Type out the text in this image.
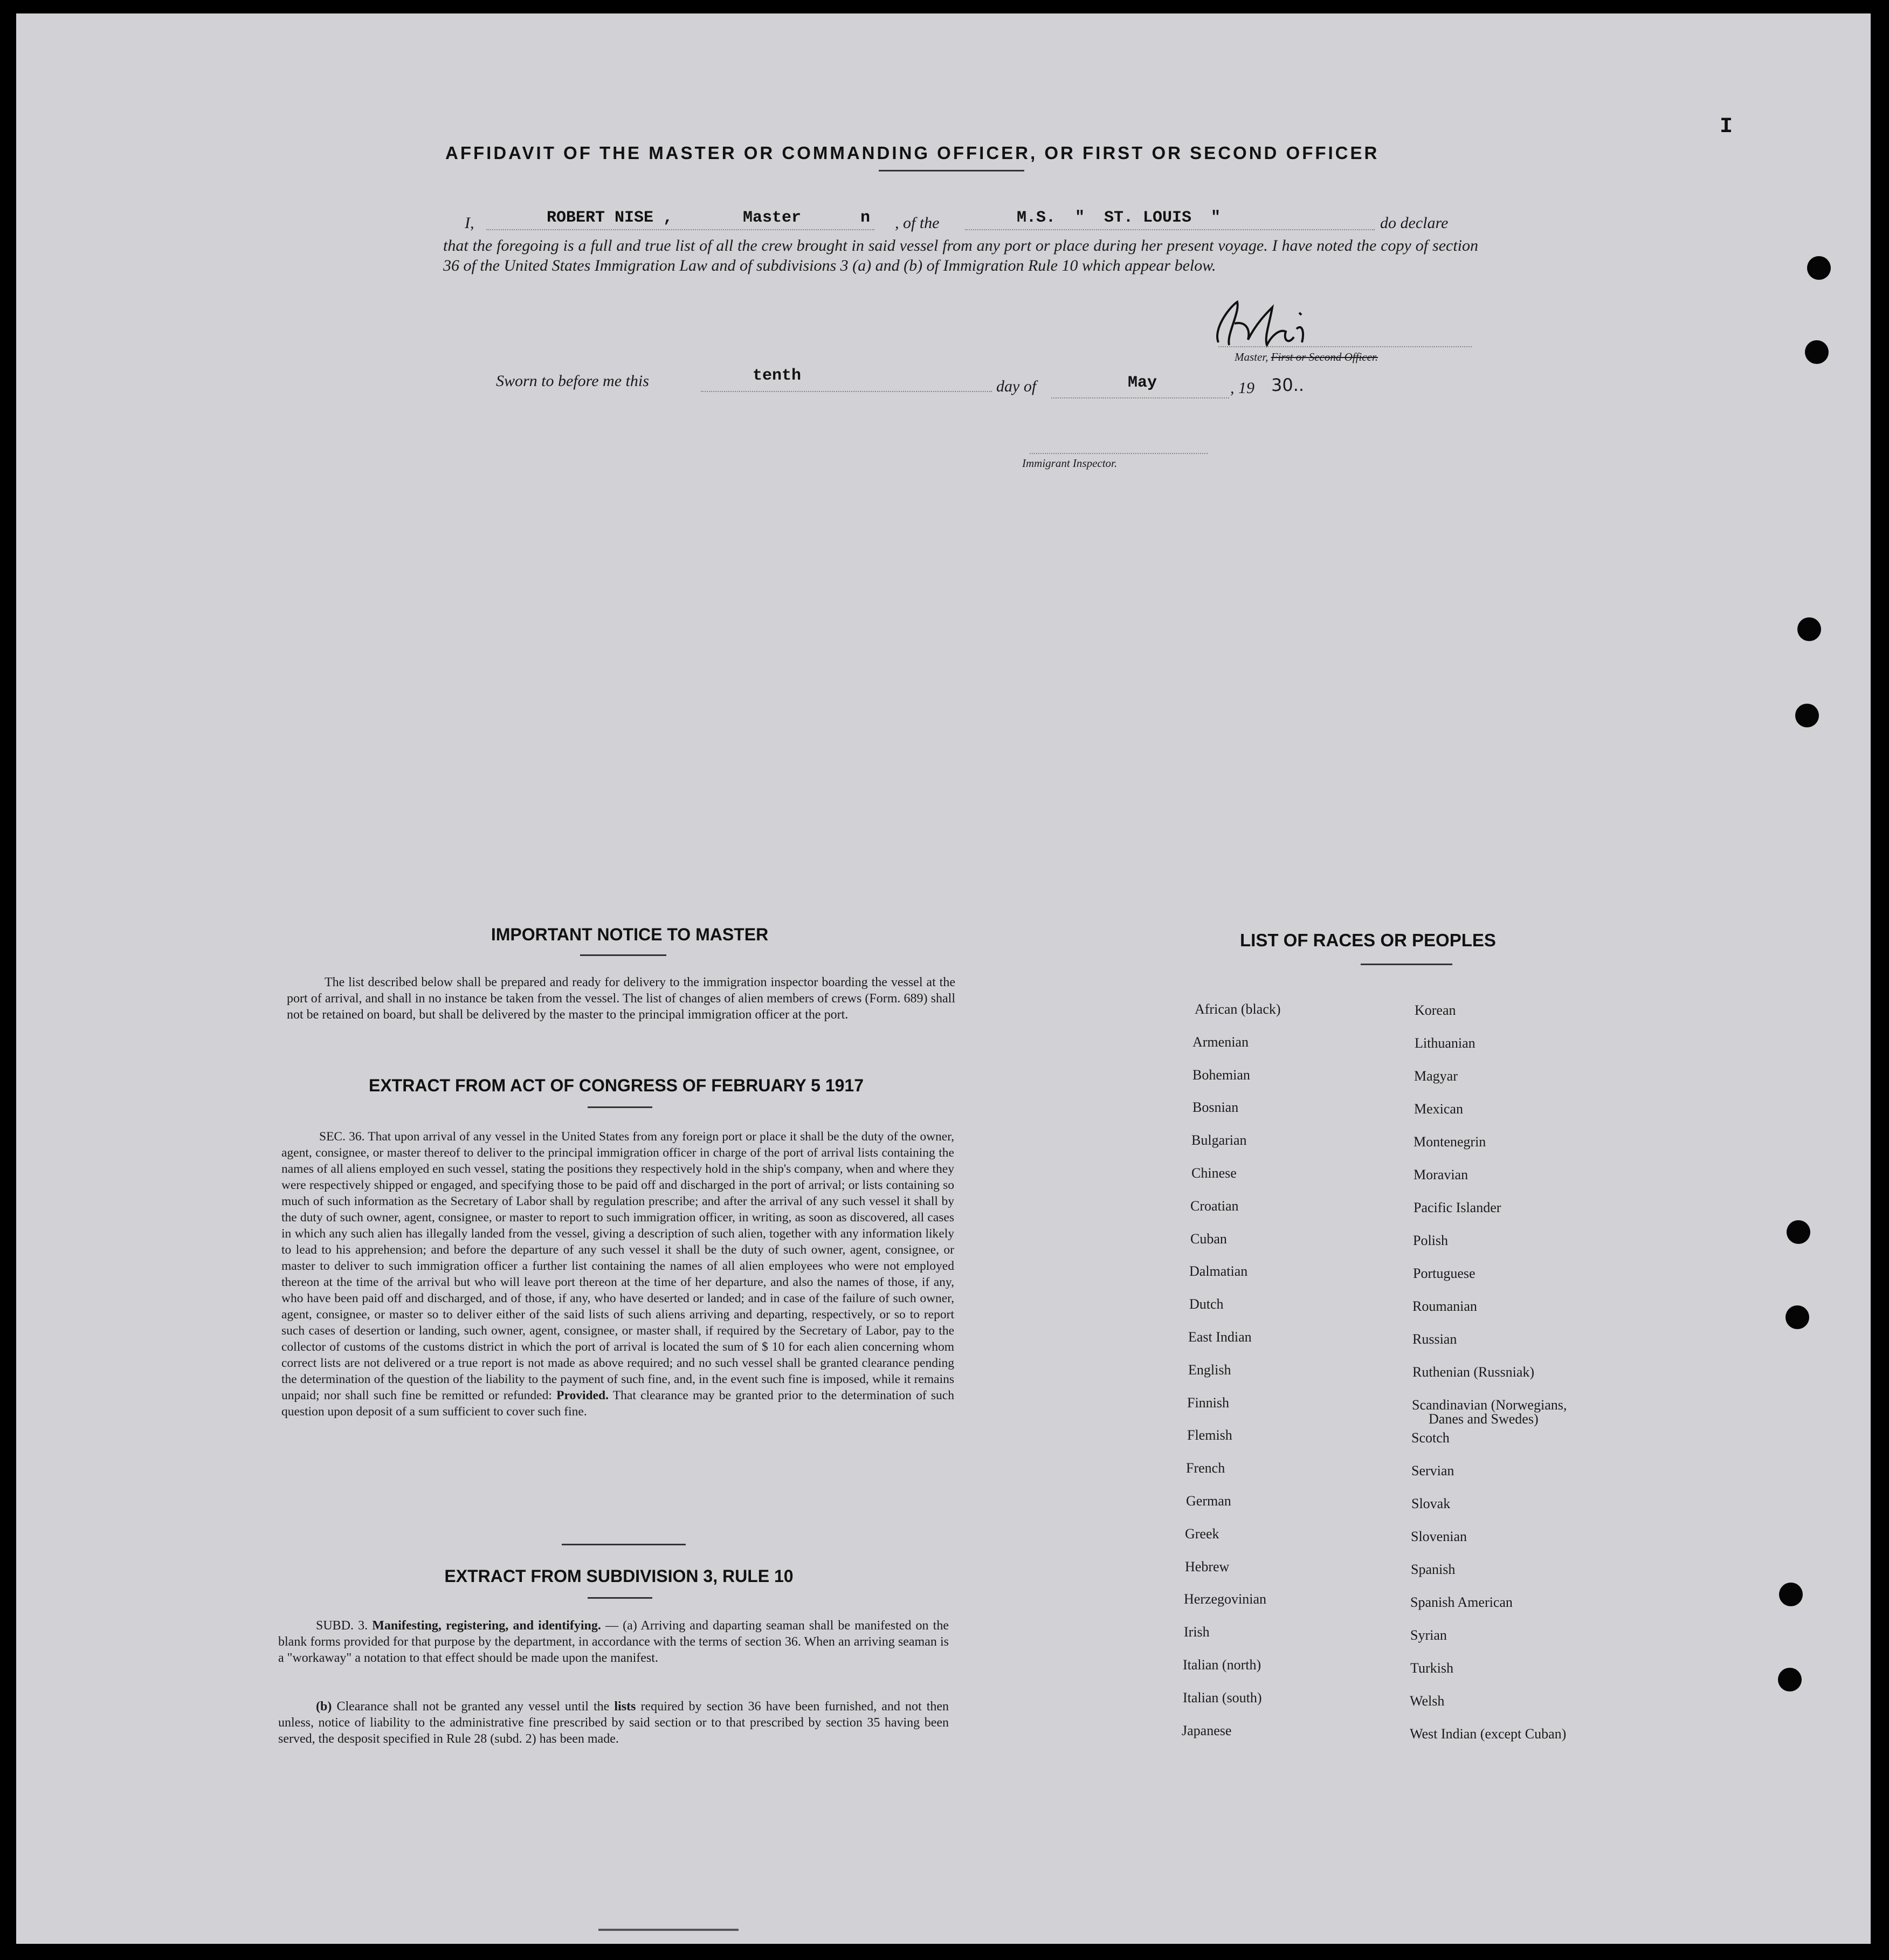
I
AFFIDAVIT OF THE MASTER OR COMMANDING OFFICER, OR FIRST OR SECOND OFFICER
I,	ROBERT NISE ,	Master	n , of the	M.S.  "  ST. LOUIS  "	do declare
that the foregoing is a full and true list of all the crew brought in said vessel from any port or place during her present voyage. I have noted the copy of section 36 of the United States Immigration Law and of subdivisions 3 (a) and (b) of Immigration Rule 10 which appear below.
Master, First or Second Officer.
Sworn to before me this	tenth
day of	May	, 19 30..
Immigrant Inspector.
IMPORTANT NOTICE TO MASTER
The list described below shall be prepared and ready for delivery to the immigration inspector boarding the vessel at the port of arrival, and shall in no instance be taken from the vessel. The list of changes of alien members of crews (Form. 689) shall not be retained on board, but shall be delivered by the master to the principal immigration officer at the port.
EXTRACT FROM ACT OF CONGRESS OF FEBRUARY 5 1917
SEC. 36. That upon arrival of any vessel in the United States from any foreign port or place it shall be the duty of the owner, agent, consignee, or master thereof to deliver to the principal immigration officer in charge of the port of arrival lists containing the names of all aliens employed en such vessel, stating the positions they respectively hold in the ship's company, when and where they were respectively shipped or engaged, and specifying those to be paid off and discharged in the port of arrival; or lists containing so much of such information as the Secretary of Labor shall by regulation prescribe; and after the arrival of any such vessel it shall by the duty of such owner, agent, consignee, or master to report to such immigration officer, in writing, as soon as discovered, all cases in which any such alien has illegally landed from the vessel, giving a description of such alien, together with any information likely to lead to his apprehension; and before the departure of any such vessel it shall be the duty of such owner, agent, consignee, or master to deliver to such immigration officer a further list containing the names of all alien employees who were not employed thereon at the time of the arrival but who will leave port thereon at the time of her departure, and also the names of those, if any, who have been paid off and discharged, and of those, if any, who have deserted or landed; and in case of the failure of such owner, agent, consignee, or master so to deliver either of the said lists of such aliens arriving and departing, respectively, or so to report such cases of desertion or landing, such owner, agent, consignee, or master shall, if required by the Secretary of Labor, pay to the collector of customs of the customs district in which the port of arrival is located the sum of $ 10 for each alien concerning whom correct lists are not delivered or a true report is not made as above required; and no such vessel shall be granted clearance pending the determination of the question of the liability to the payment of such fine, and, in the event such fine is imposed, while it remains unpaid; nor shall such fine be remitted or refunded: Provided. That clearance may be granted prior to the determination of such question upon deposit of a sum sufficient to cover such fine.
EXTRACT FROM SUBDIVISION 3, RULE 10
SUBD. 3. Manifesting, registering, and identifying. — (a) Arriving and daparting seaman shall be manifested on the blank forms provided for that purpose by the department, in accordance with the terms of section 36. When an arriving seaman is a "workaway" a notation to that effect should be made upon the manifest.
(b) Clearance shall not be granted any vessel until the lists required by section 36 have been furnished, and not then unless, notice of liability to the administrative fine prescribed by said section or to that prescribed by section 35 having been served, the desposit specified in Rule 28 (subd. 2) has been made.
LIST OF RACES OR PEOPLES
African (black)
Armenian
Bohemian
Bosnian
Bulgarian
Chinese
Croatian
Cuban
Dalmatian
Dutch
East Indian
English
Finnish
Flemish
French
German
Greek
Hebrew
Herzegovinian
Irish
Italian (north)
Italian (south)
Japanese
Korean
Lithuanian
Magyar
Mexican
Montenegrin
Moravian
Pacific Islander
Polish
Portuguese
Roumanian
Russian
Ruthenian (Russniak)
Scandinavian (Norwegians,
Danes and Swedes)
Scotch
Servian
Slovak
Slovenian
Spanish
Spanish American
Syrian
Turkish
Welsh
West Indian (except Cuban)
